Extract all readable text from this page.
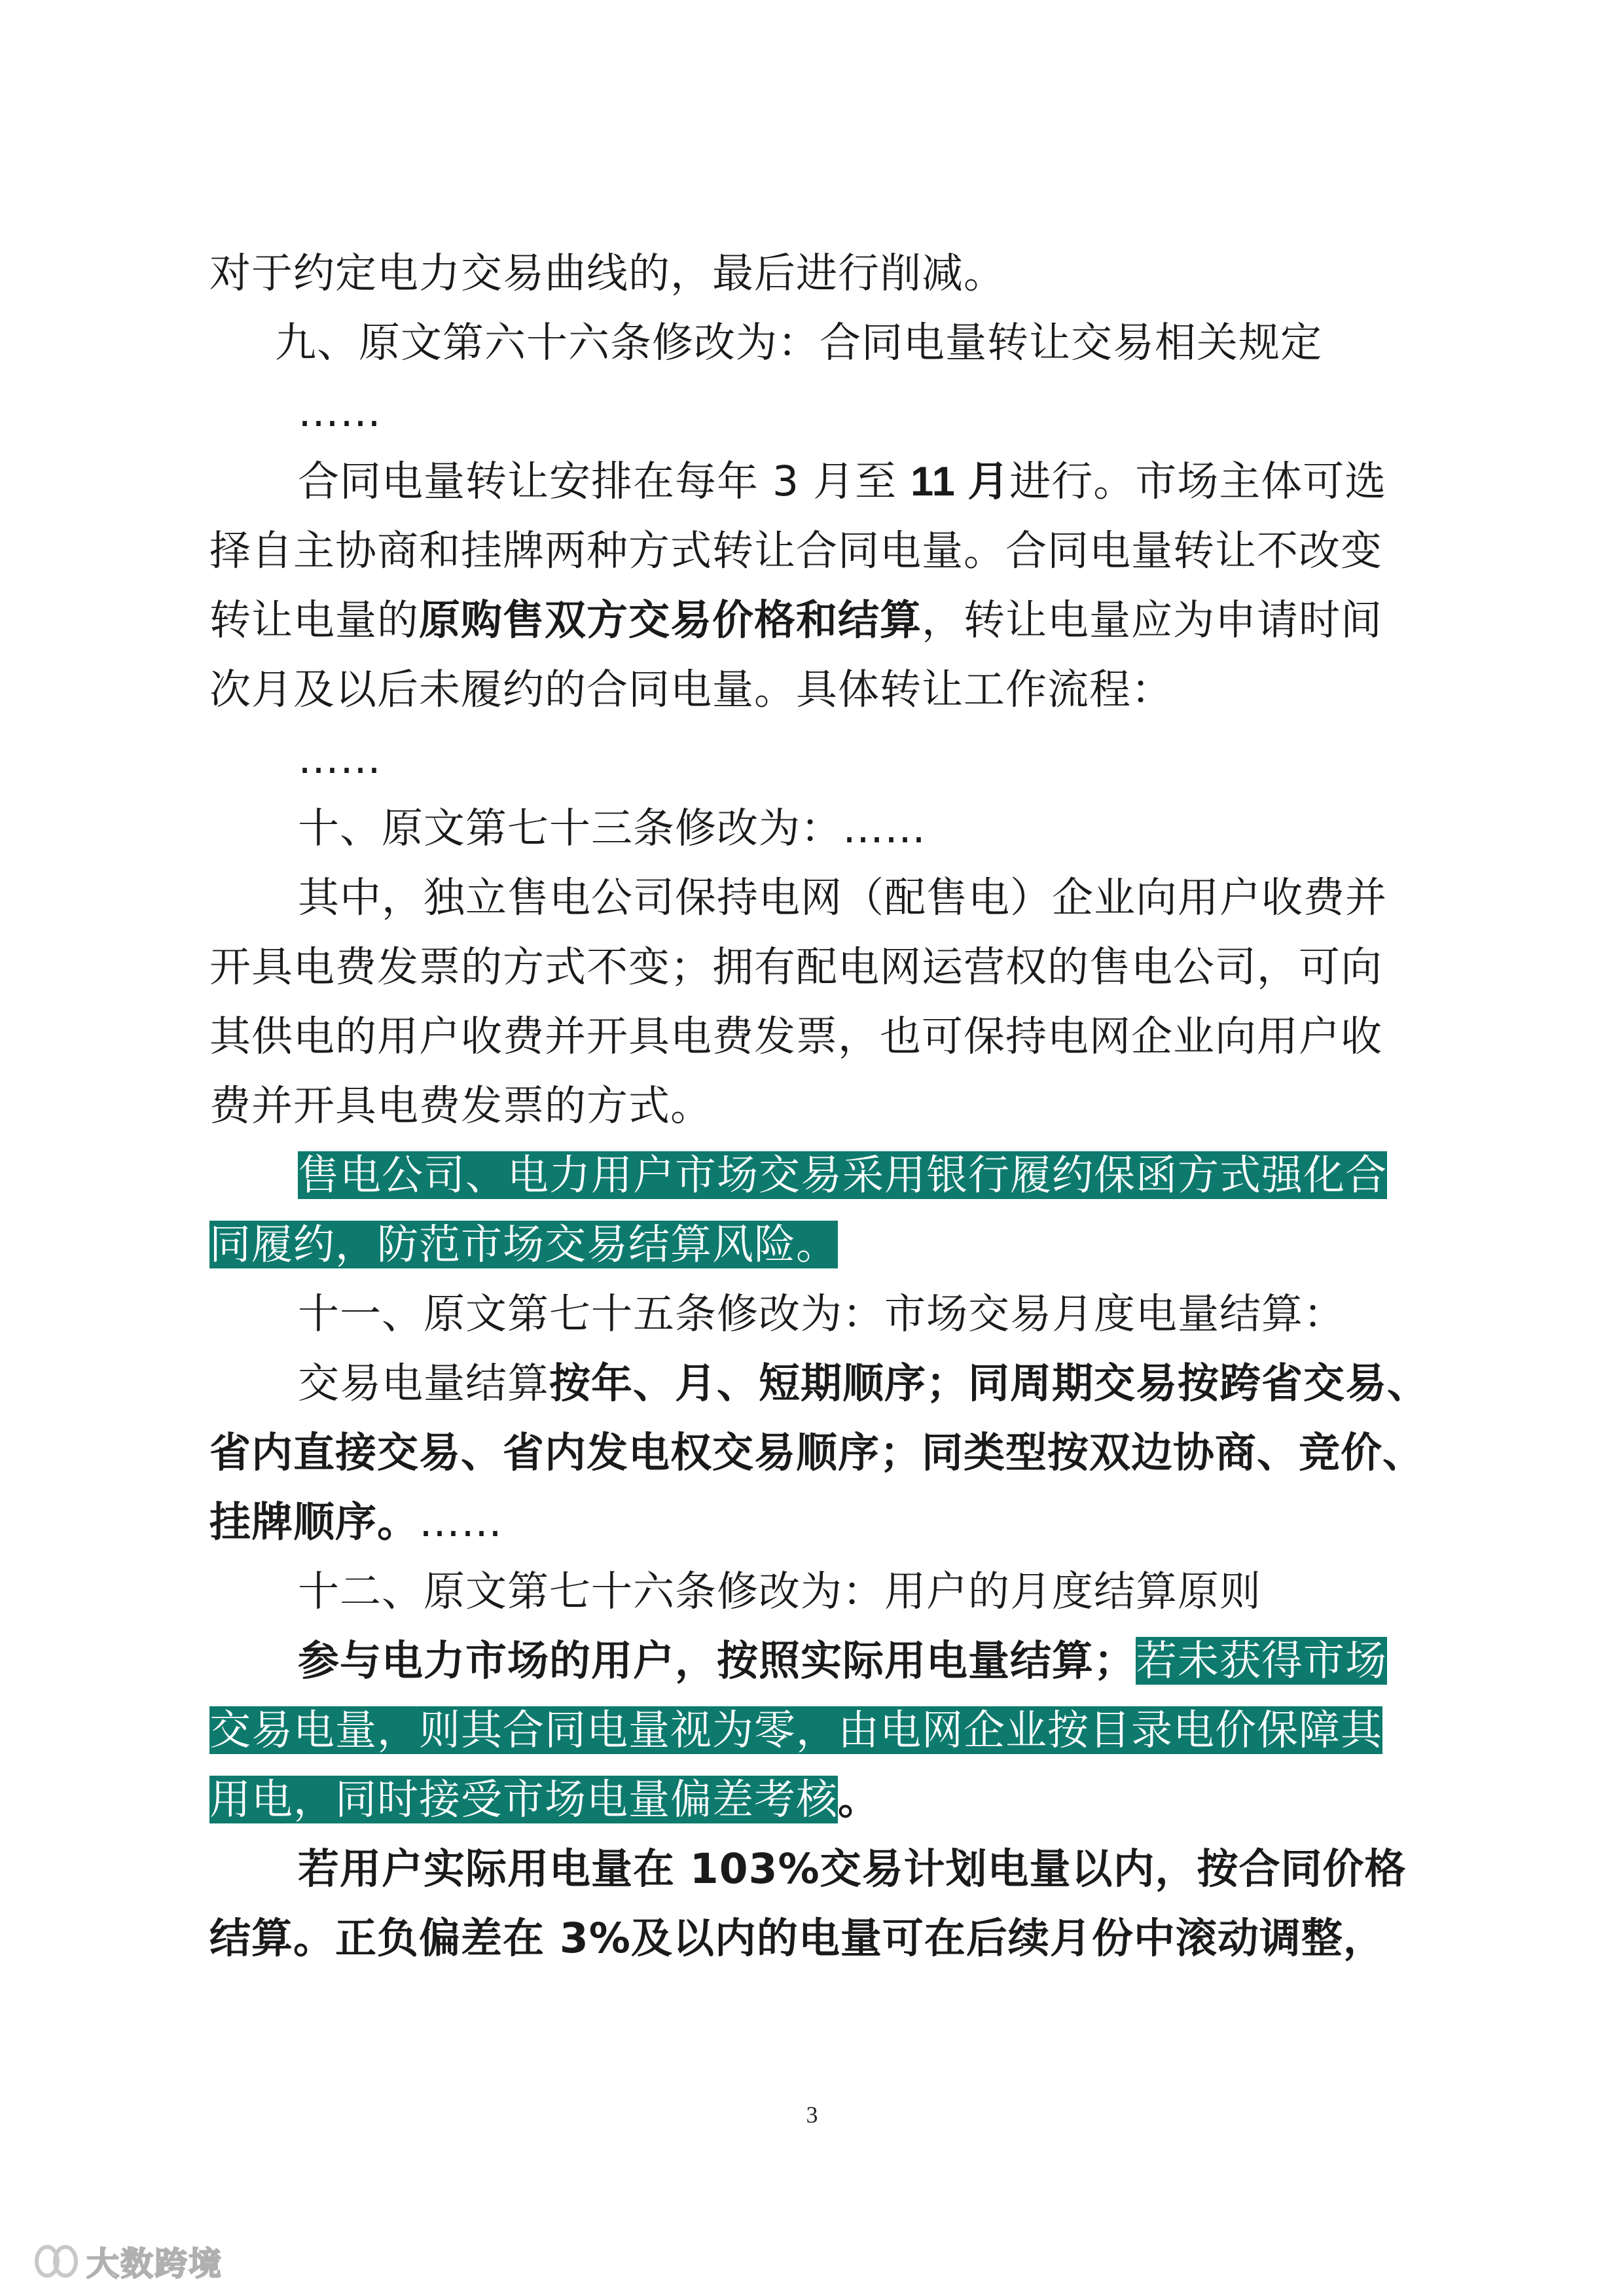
对于约定电力交易曲线的，最后进行削减。
九、原文第六十六条修改为：合同电量转让交易相关规定
……
合同电量转让安排在每年 3 月至 11 月进行。市场主体可选
择自主协商和挂牌两种方式转让合同电量。合同电量转让不改变
转让电量的原购售双方交易价格和结算，转让电量应为申请时间
次月及以后未履约的合同电量。具体转让工作流程：
……
十、原文第七十三条修改为：……
其中，独立售电公司保持电网（配售电）企业向用户收费并
开具电费发票的方式不变；拥有配电网运营权的售电公司，可向
其供电的用户收费并开具电费发票，也可保持电网企业向用户收
费并开具电费发票的方式。
售电公司、电力用户市场交易采用银行履约保函方式强化合
同履约，防范市场交易结算风险。
十一、原文第七十五条修改为：市场交易月度电量结算：
交易电量结算按年、月、短期顺序；同周期交易按跨省交易、
省内直接交易、省内发电权交易顺序；同类型按双边协商、竞价、
挂牌顺序。……
十二、原文第七十六条修改为：用户的月度结算原则
参与电力市场的用户，按照实际用电量结算；若未获得市场
交易电量，则其合同电量视为零，由电网企业按目录电价保障其
用电，同时接受市场电量偏差考核。
若用户实际用电量在 103%交易计划电量以内，按合同价格
结算。正负偏差在 3%及以内的电量可在后续月份中滚动调整，
3
大数跨境
